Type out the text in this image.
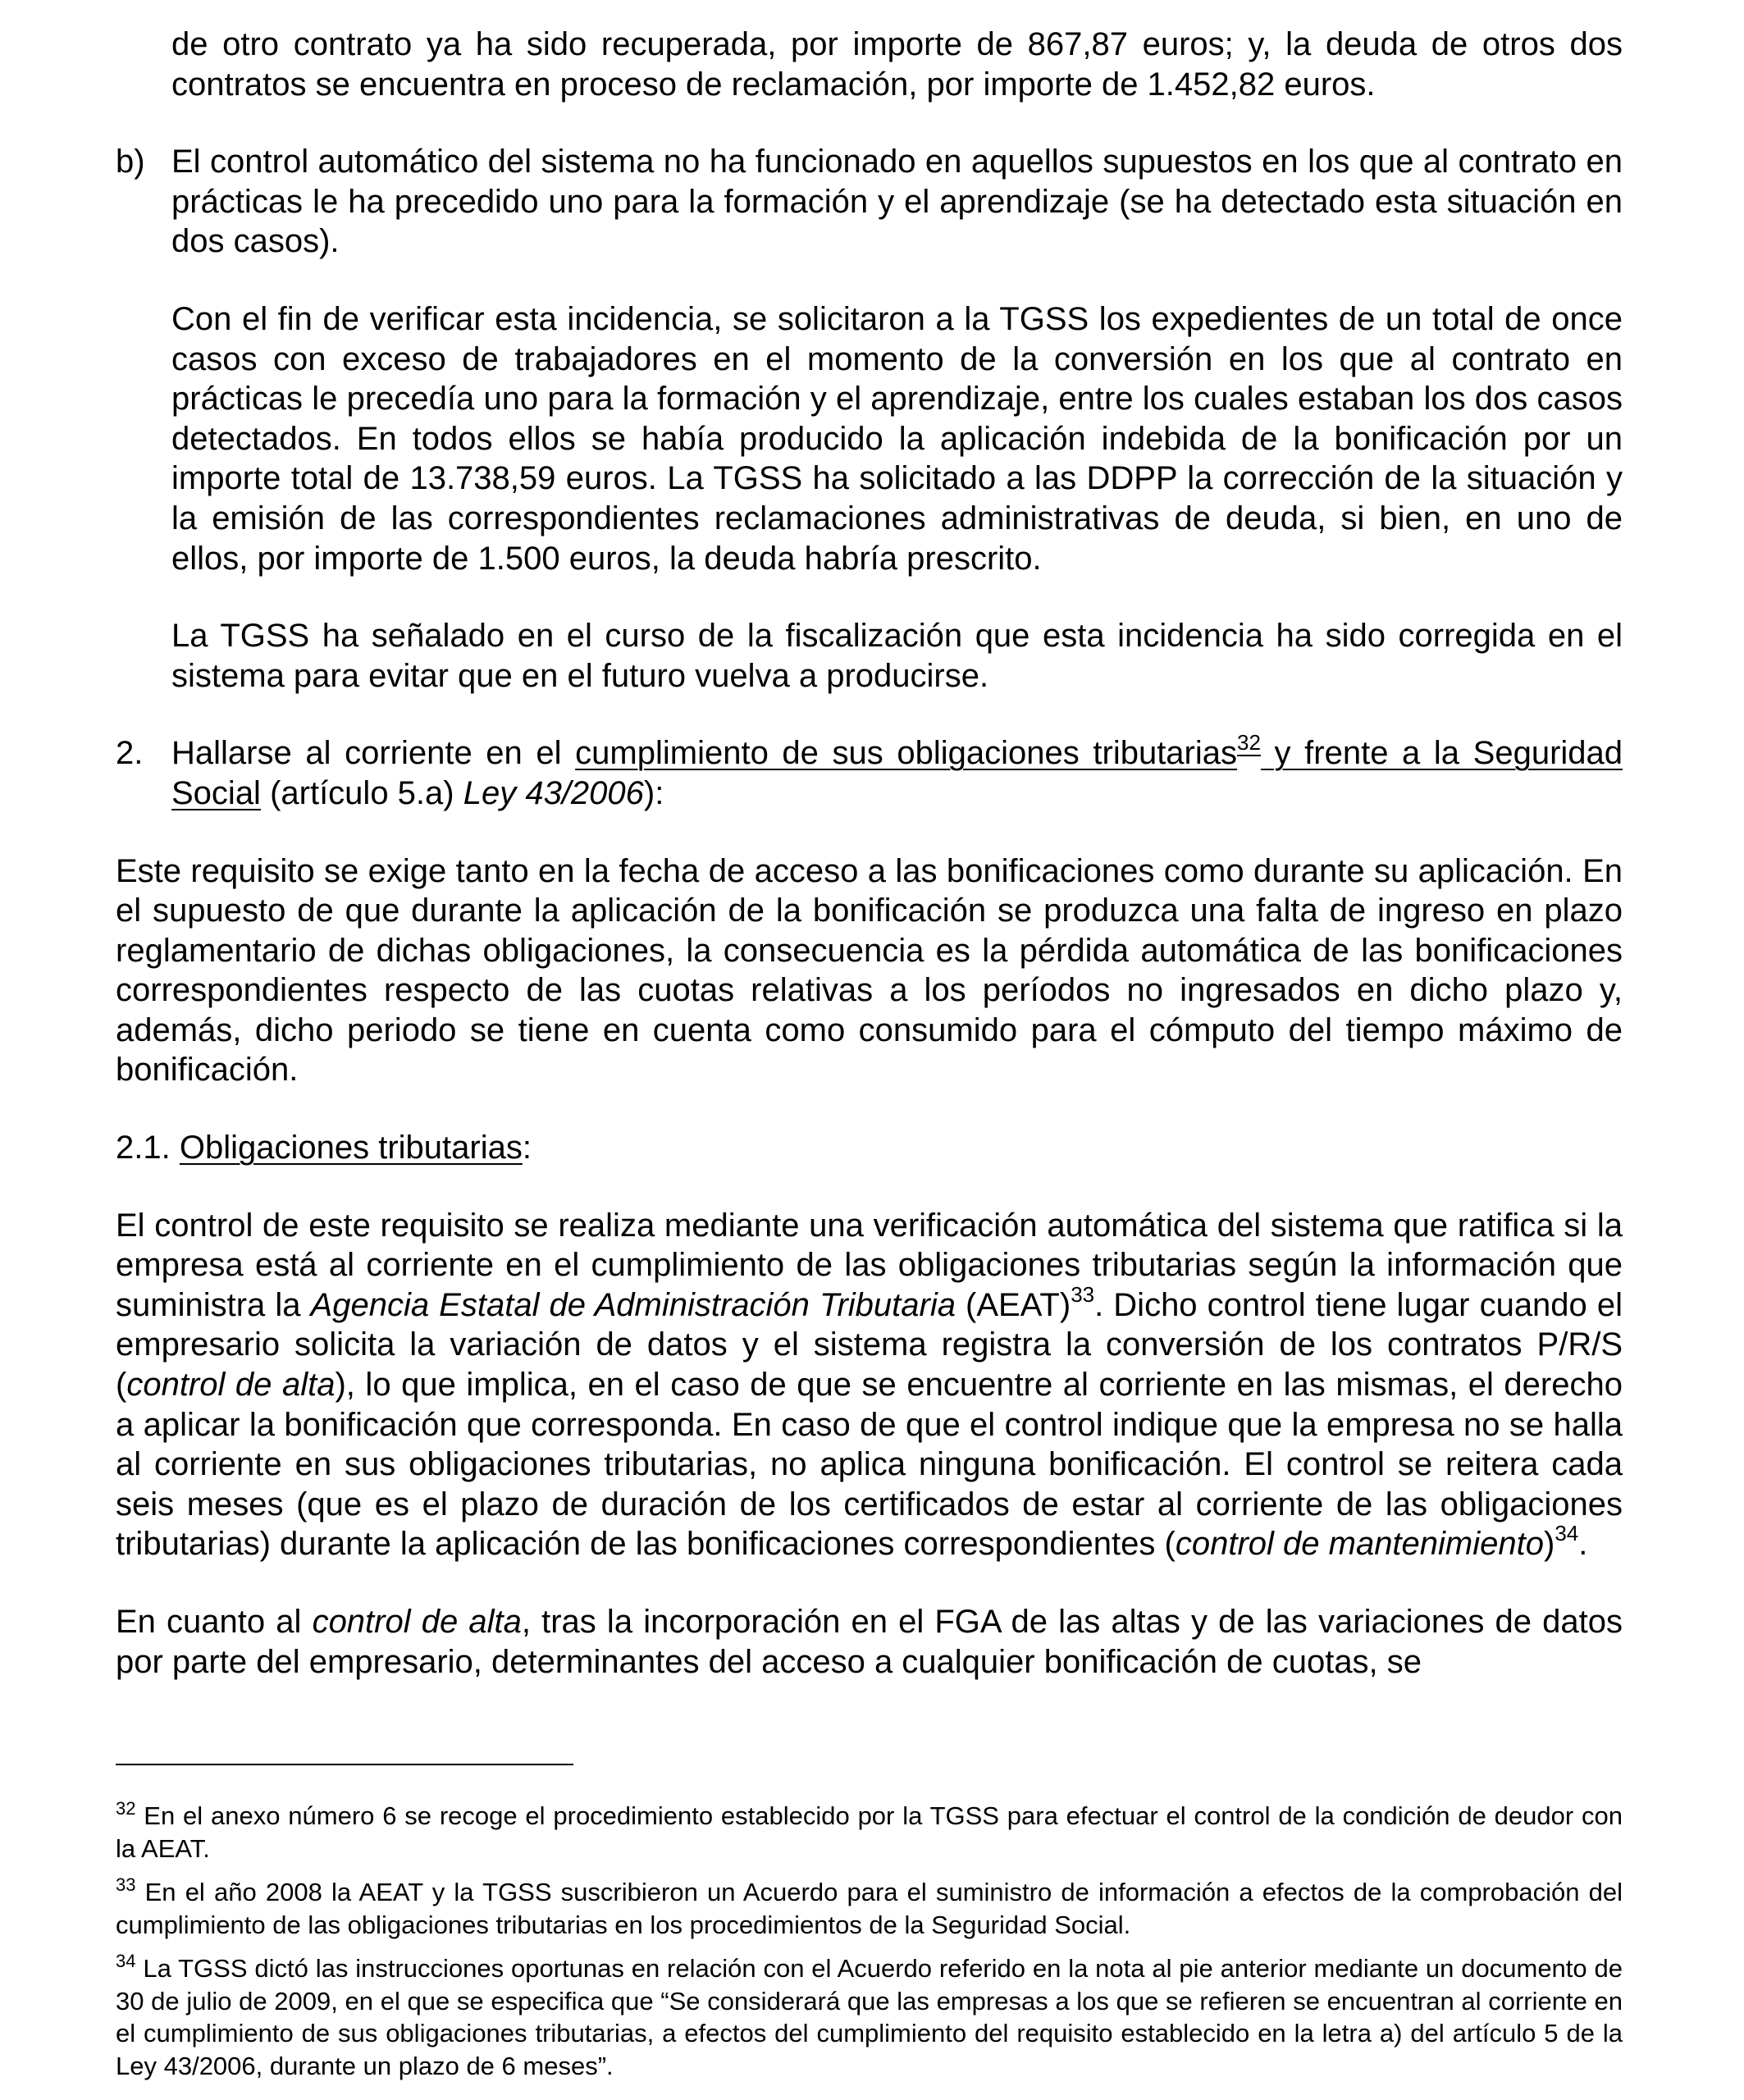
de otro contrato ya ha sido recuperada, por importe de 867,87 euros; y, la deuda de otros dos contratos se encuentra en proceso de reclamación, por importe de 1.452,82 euros.

b) El control automático del sistema no ha funcionado en aquellos supuestos en los que al contrato en prácticas le ha precedido uno para la formación y el aprendizaje (se ha detectado esta situación en dos casos).

Con el fin de verificar esta incidencia, se solicitaron a la TGSS los expedientes de un total de once casos con exceso de trabajadores en el momento de la conversión en los que al contrato en prácticas le precedía uno para la formación y el aprendizaje, entre los cuales estaban los dos casos detectados. En todos ellos se había producido la aplicación indebida de la bonificación por un importe total de 13.738,59 euros. La TGSS ha solicitado a las DDPP la corrección de la situación y la emisión de las correspondientes reclamaciones administrativas de deuda, si bien, en uno de ellos, por importe de 1.500 euros, la deuda habría prescrito.

La TGSS ha señalado en el curso de la fiscalización que esta incidencia ha sido corregida en el sistema para evitar que en el futuro vuelva a producirse.

2. Hallarse al corriente en el cumplimiento de sus obligaciones tributarias$^{32}$ y frente a la Seguridad Social (artículo 5.a) Ley 43/2006):

Este requisito se exige tanto en la fecha de acceso a las bonificaciones como durante su aplicación. En el supuesto de que durante la aplicación de la bonificación se produzca una falta de ingreso en plazo reglamentario de dichas obligaciones, la consecuencia es la pérdida automática de las bonificaciones correspondientes respecto de las cuotas relativas a los períodos no ingresados en dicho plazo y, además, dicho periodo se tiene en cuenta como consumido para el cómputo del tiempo máximo de bonificación.

2.1. Obligaciones tributarias:

El control de este requisito se realiza mediante una verificación automática del sistema que ratifica si la empresa está al corriente en el cumplimiento de las obligaciones tributarias según la información que suministra la Agencia Estatal de Administración Tributaria (AEAT)$^{33}$. Dicho control tiene lugar cuando el empresario solicita la variación de datos y el sistema registra la conversión de los contratos P/R/S (control de alta), lo que implica, en el caso de que se encuentre al corriente en las mismas, el derecho a aplicar la bonificación que corresponda. En caso de que el control indique que la empresa no se halla al corriente en sus obligaciones tributarias, no aplica ninguna bonificación. El control se reitera cada seis meses (que es el plazo de duración de los certificados de estar al corriente de las obligaciones tributarias) durante la aplicación de las bonificaciones correspondientes (control de mantenimiento)$^{34}$.

En cuanto al control de alta, tras la incorporación en el FGA de las altas y de las variaciones de datos por parte del empresario, determinantes del acceso a cualquier bonificación de cuotas, se

$^{32}$ En el anexo número 6 se recoge el procedimiento establecido por la TGSS para efectuar el control de la condición de deudor con la AEAT.

$^{33}$ En el año 2008 la AEAT y la TGSS suscribieron un Acuerdo para el suministro de información a efectos de la comprobación del cumplimiento de las obligaciones tributarias en los procedimientos de la Seguridad Social.

$^{34}$ La TGSS dictó las instrucciones oportunas en relación con el Acuerdo referido en la nota al pie anterior mediante un documento de 30 de julio de 2009, en el que se especifica que “Se considerará que las empresas a los que se refieren se encuentran al corriente en el cumplimiento de sus obligaciones tributarias, a efectos del cumplimiento del requisito establecido en la letra a) del artículo 5 de la Ley 43/2006, durante un plazo de 6 meses”.
